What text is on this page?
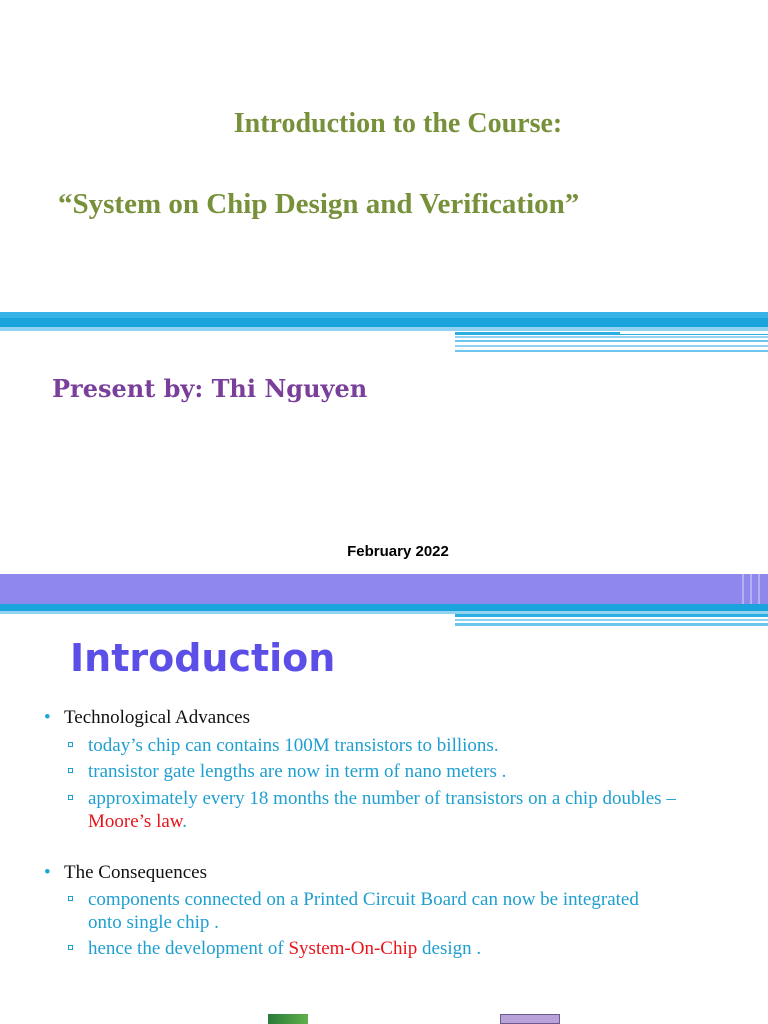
Introduction to the Course:
“System on Chip Design and Verification”
Present by: Thi Nguyen
February 2022
Introduction
• Technological Advances
today’s chip can contains 100M transistors to billions.
transistor gate lengths are now in term of nano meters .
approximately every 18 months the number of transistors on a chip doubles –
Moore’s law.
• The Consequences
components connected on a Printed Circuit Board can now be integrated
onto single chip .
hence the development of System-On-Chip design .
